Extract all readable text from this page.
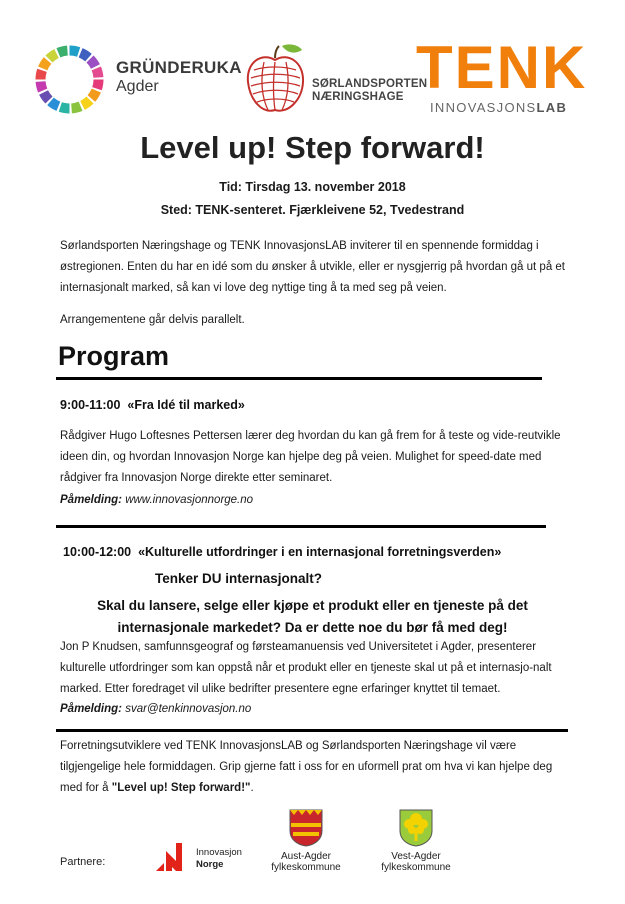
GRÜNDERUKA
Agder	SØRLANDSPORTEN
NÆRINGSHAGE TENK
INNOVASJONSLAB
Level up! Step forward!
Tid: Tirsdag 13. november 2018
Sted: TENK-senteret. Fjærkleivene 52, Tvedestrand
Sørlandsporten Næringshage og TENK InnovasjonsLAB inviterer til en spennende formiddag i østregionen. Enten du har en idé som du ønsker å utvikle, eller er nysgjerrig på hvordan gå ut på et internasjonalt marked, så kan vi love deg nyttige ting å ta med seg på veien.
Arrangementene går delvis parallelt.
Program
9:00-11:00 «Fra Idé til marked»
Rådgiver Hugo Loftesnes Pettersen lærer deg hvordan du kan gå frem for å teste og vide-reutvikle ideen din, og hvordan Innovasjon Norge kan hjelpe deg på veien. Mulighet for speed-date med rådgiver fra Innovasjon Norge direkte etter seminaret.
Påmelding: www.innovasjonnorge.no
10:00-12:00 «Kulturelle utfordringer i en internasjonal forretningsverden»
Tenker DU internasjonalt?
Skal du lansere, selge eller kjøpe et produkt eller en tjeneste på det internasjonale markedet? Da er dette noe du bør få med deg!
Jon P Knudsen, samfunnsgeograf og førsteamanuensis ved Universitetet i Agder, presenterer kulturelle utfordringer som kan oppstå når et produkt eller en tjeneste skal ut på et internasjo-nalt marked. Etter foredraget vil ulike bedrifter presentere egne erfaringer knyttet til temaet.
Påmelding: svar@tenkinnovasjon.no
Forretningsutviklere ved TENK InnovasjonsLAB og Sørlandsporten Næringshage vil være tilgjengelige hele formiddagen. Grip gjerne fatt i oss for en uformell prat om hva vi kan hjelpe deg med for å "Level up! Step forward!".
Partnere:
Innovasjon
Norge
Aust-Agder
fylkeskommune
Vest-Agder
fylkeskommune
